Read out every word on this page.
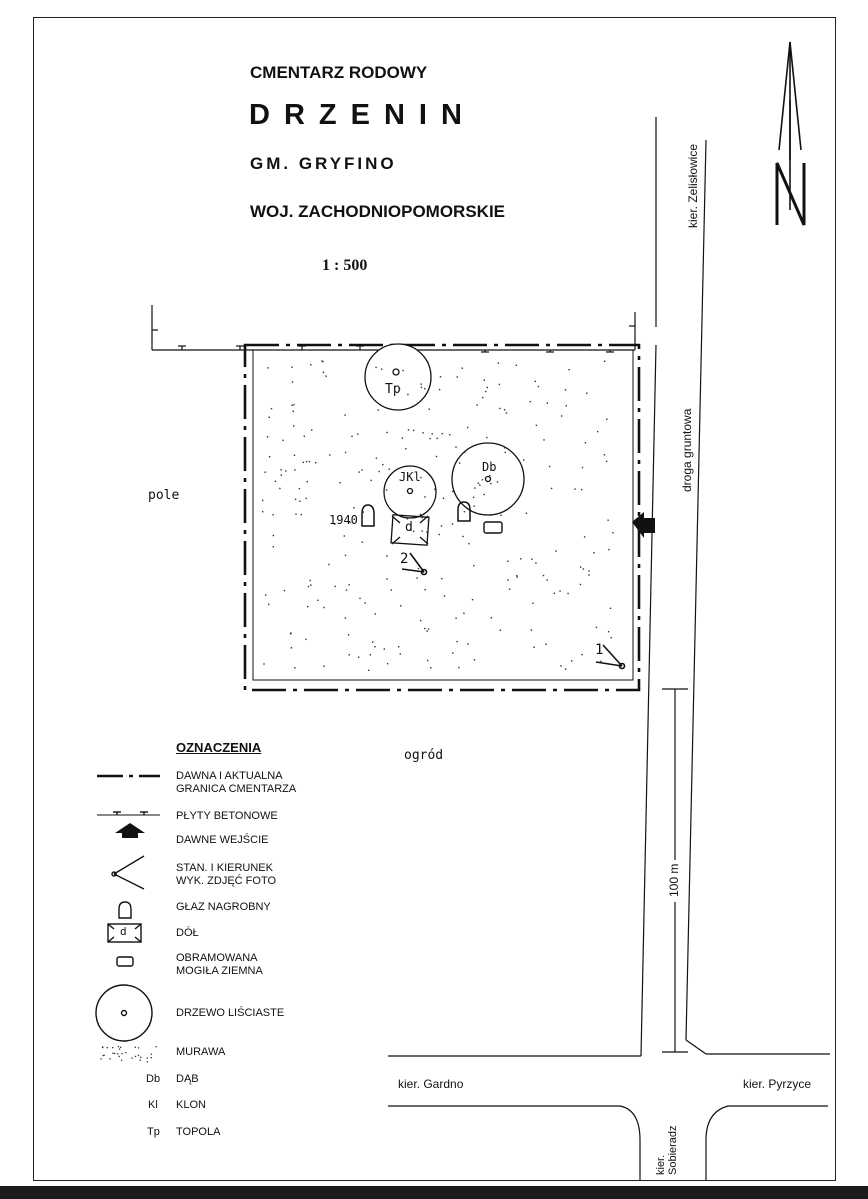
CMENTARZ RODOWY
DRZENIN
GM. GRYFINO
WOJ. ZACHODNIOPOMORSKIE
1 : 500
Tp
JKl
Db
1940	d
2
1
pole
ogród
droga gruntowa
kier. Zelisłowice
100 m
kier. Gardno	kier. Pyrzyce
kier.
Sobieradz
OZNACZENIA
DAWNA I AKTUALNA
GRANICA CMENTARZA
PŁYTY BETONOWE
DAWNE WEJŚCIE
STAN. I KIERUNEK
WYK. ZDJĘĆ FOTO
GŁAZ NAGROBNY
DÓŁ
d
OBRAMOWANA
MOGIŁA ZIEMNA
DRZEWO LIŚCIASTE
MURAWA
Db DĄB
Kl KLON
Tp TOPOLA
